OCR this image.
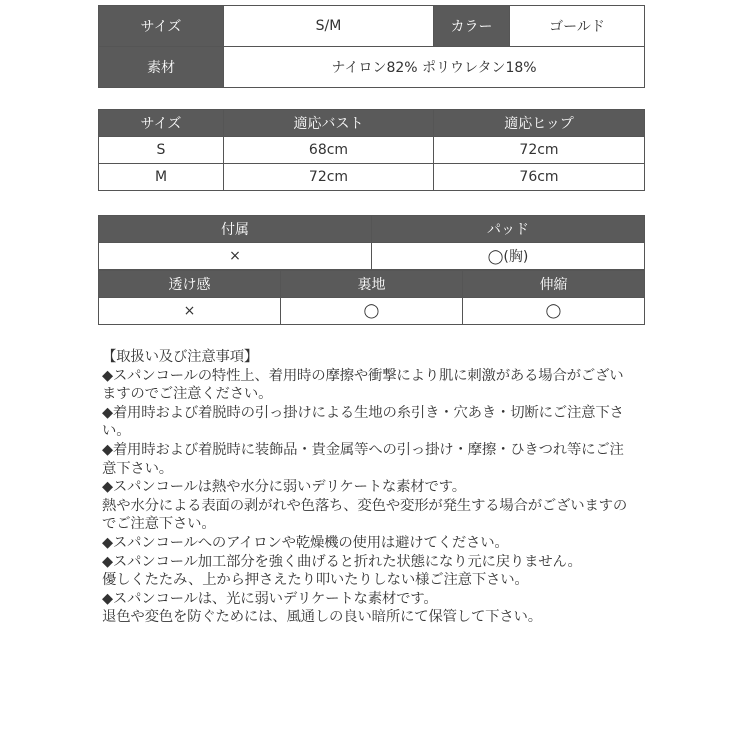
サイズ	S/M	カラー	ゴールド
素材	ナイロン82% ポリウレタン18%		
サイズ	適応バスト	適応ヒップ
S	68cm	72cm
M	72cm	76cm
付属	パッド
×	◯(胸)
透け感	裏地	伸縮
×	◯	◯
【取扱い及び注意事項】
◆スパンコールの特性上、着用時の摩擦や衝撃により肌に刺激がある場合がござい
ますのでご注意ください。
◆着用時および着脱時の引っ掛けによる生地の糸引き・穴あき・切断にご注意下さ
い。
◆着用時および着脱時に装飾品・貴金属等への引っ掛け・摩擦・ひきつれ等にご注
意下さい。
◆スパンコールは熱や水分に弱いデリケートな素材です。
熱や水分による表面の剥がれや色落ち、変色や変形が発生する場合がございますの
でご注意下さい。
◆スパンコールへのアイロンや乾燥機の使用は避けてください。
◆スパンコール加工部分を強く曲げると折れた状態になり元に戻りません。
優しくたたみ、上から押さえたり叩いたりしない様ご注意下さい。
◆スパンコールは、光に弱いデリケートな素材です。
退色や変色を防ぐためには、風通しの良い暗所にて保管して下さい。
